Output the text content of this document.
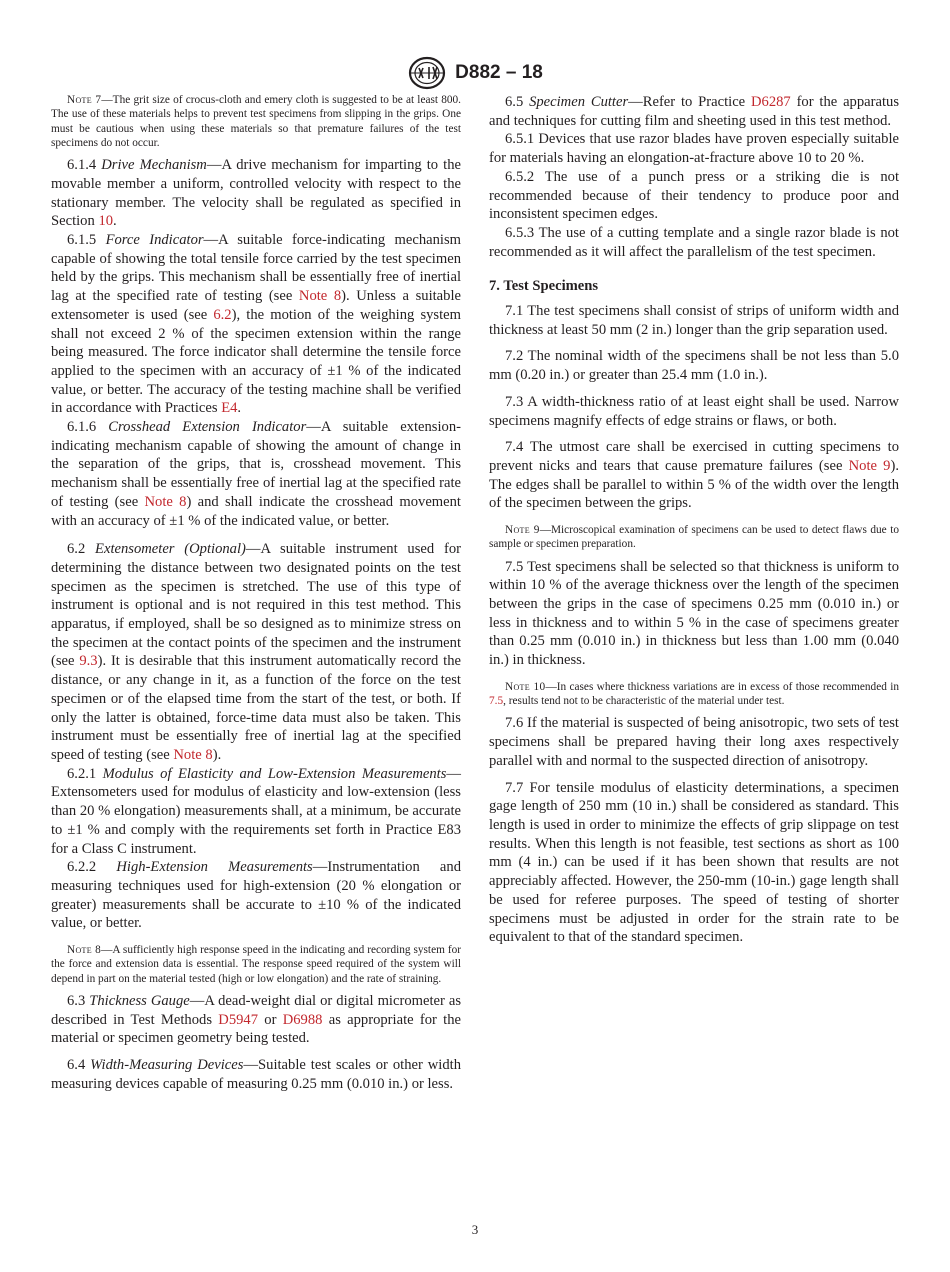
D882 – 18
Note 7—The grit size of crocus-cloth and emery cloth is suggested to be at least 800. The use of these materials helps to prevent test specimens from slipping in the grips. One must be cautious when using these materials so that premature failures of the test specimens do not occur.

6.1.4 Drive Mechanism—A drive mechanism for imparting to the movable member a uniform, controlled velocity with respect to the stationary member. The velocity shall be regulated as specified in Section 10.

6.1.5 Force Indicator—A suitable force-indicating mechanism capable of showing the total tensile force carried by the test specimen held by the grips. This mechanism shall be essentially free of inertial lag at the specified rate of testing (see Note 8). Unless a suitable extensometer is used (see 6.2), the motion of the weighing system shall not exceed 2 % of the specimen extension within the range being measured. The force indicator shall determine the tensile force applied to the specimen with an accuracy of ±1 % of the indicated value, or better. The accuracy of the testing machine shall be verified in accordance with Practices E4.

6.1.6 Crosshead Extension Indicator—A suitable extension-indicating mechanism capable of showing the amount of change in the separation of the grips, that is, crosshead movement. This mechanism shall be essentially free of inertial lag at the specified rate of testing (see Note 8) and shall indicate the crosshead movement with an accuracy of ±1 % of the indicated value, or better.

6.2 Extensometer (Optional)—A suitable instrument used for determining the distance between two designated points on the test specimen as the specimen is stretched. The use of this type of instrument is optional and is not required in this test method. This apparatus, if employed, shall be so designed as to minimize stress on the specimen at the contact points of the specimen and the instrument (see 9.3). It is desirable that this instrument automatically record the distance, or any change in it, as a function of the force on the test specimen or of the elapsed time from the start of the test, or both. If only the latter is obtained, force-time data must also be taken. This instrument must be essentially free of inertial lag at the specified speed of testing (see Note 8).

6.2.1 Modulus of Elasticity and Low-Extension Measurements—Extensometers used for modulus of elasticity and low-extension (less than 20 % elongation) measurements shall, at a minimum, be accurate to ±1 % and comply with the requirements set forth in Practice E83 for a Class C instrument.

6.2.2 High-Extension Measurements—Instrumentation and measuring techniques used for high-extension (20 % elongation or greater) measurements shall be accurate to ±10 % of the indicated value, or better.

Note 8—A sufficiently high response speed in the indicating and recording system for the force and extension data is essential. The response speed required of the system will depend in part on the material tested (high or low elongation) and the rate of straining.

6.3 Thickness Gauge—A dead-weight dial or digital micrometer as described in Test Methods D5947 or D6988 as appropriate for the material or specimen geometry being tested.

6.4 Width-Measuring Devices—Suitable test scales or other width measuring devices capable of measuring 0.25 mm (0.010 in.) or less.

6.5 Specimen Cutter—Refer to Practice D6287 for the apparatus and techniques for cutting film and sheeting used in this test method.

6.5.1 Devices that use razor blades have proven especially suitable for materials having an elongation-at-fracture above 10 to 20 %.

6.5.2 The use of a punch press or a striking die is not recommended because of their tendency to produce poor and inconsistent specimen edges.

6.5.3 The use of a cutting template and a single razor blade is not recommended as it will affect the parallelism of the test specimen.

7. Test Specimens

7.1 The test specimens shall consist of strips of uniform width and thickness at least 50 mm (2 in.) longer than the grip separation used.

7.2 The nominal width of the specimens shall be not less than 5.0 mm (0.20 in.) or greater than 25.4 mm (1.0 in.).

7.3 A width-thickness ratio of at least eight shall be used. Narrow specimens magnify effects of edge strains or flaws, or both.

7.4 The utmost care shall be exercised in cutting specimens to prevent nicks and tears that cause premature failures (see Note 9). The edges shall be parallel to within 5 % of the width over the length of the specimen between the grips.

Note 9—Microscopical examination of specimens can be used to detect flaws due to sample or specimen preparation.

7.5 Test specimens shall be selected so that thickness is uniform to within 10 % of the average thickness over the length of the specimen between the grips in the case of specimens 0.25 mm (0.010 in.) or less in thickness and to within 5 % in the case of specimens greater than 0.25 mm (0.010 in.) in thickness but less than 1.00 mm (0.040 in.) in thickness.

Note 10—In cases where thickness variations are in excess of those recommended in 7.5, results tend not to be characteristic of the material under test.

7.6 If the material is suspected of being anisotropic, two sets of test specimens shall be prepared having their long axes respectively parallel with and normal to the suspected direction of anisotropy.

7.7 For tensile modulus of elasticity determinations, a specimen gage length of 250 mm (10 in.) shall be considered as standard. This length is used in order to minimize the effects of grip slippage on test results. When this length is not feasible, test sections as short as 100 mm (4 in.) can be used if it has been shown that results are not appreciably affected. However, the 250-mm (10-in.) gage length shall be used for referee purposes. The speed of testing of shorter specimens must be adjusted in order for the strain rate to be equivalent to that of the standard specimen.

3
